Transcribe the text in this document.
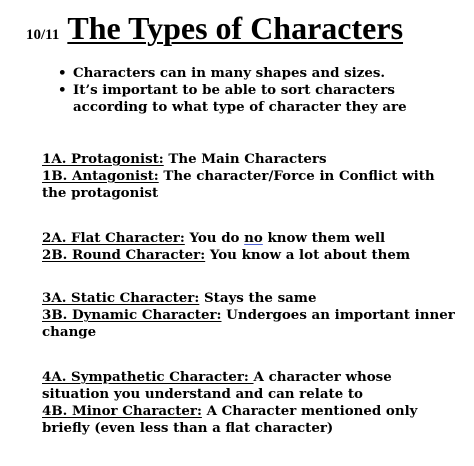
10/11 The Types of Characters
• Characters can in many shapes and sizes.
• It’s important to be able to sort characters according to what type of character they are
1A. Protagonist: The Main Characters
1B. Antagonist: The character/Force in Conflict with the protagonist
2A. Flat Character: You do no know them well
2B. Round Character: You know a lot about them
3A. Static Character: Stays the same
3B. Dynamic Character: Undergoes an important inner change
4A. Sympathetic Character: A character whose situation you understand and can relate to
4B. Minor Character: A Character mentioned only briefly (even less than a flat character)
